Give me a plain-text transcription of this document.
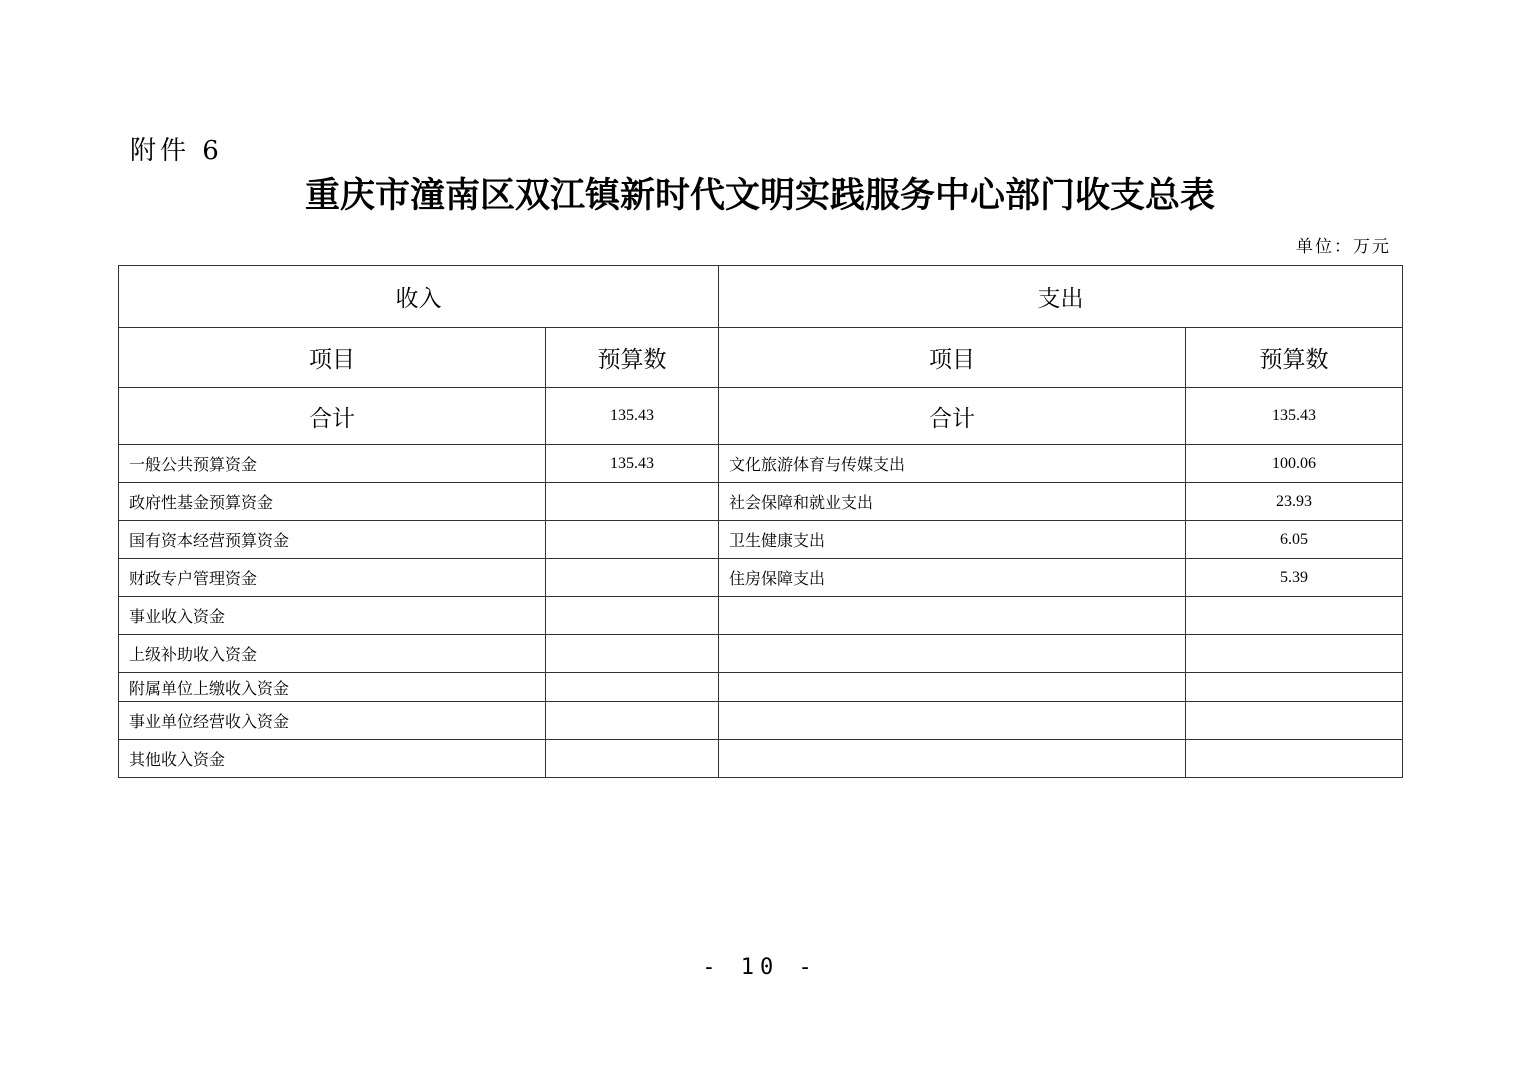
附件 6
重庆市潼南区双江镇新时代文明实践服务中心部门收支总表
单位：万元
收入		支出	
项目	预算数	项目	预算数
合计	135.43	合计	135.43
一般公共预算资金	135.43	文化旅游体育与传媒支出	100.06
政府性基金预算资金		社会保障和就业支出	23.93
国有资本经营预算资金		卫生健康支出	6.05
财政专户管理资金		住房保障支出	5.39
事业收入资金			
上级补助收入资金			
附属单位上缴收入资金			
事业单位经营收入资金			
其他收入资金			
- 10 -
